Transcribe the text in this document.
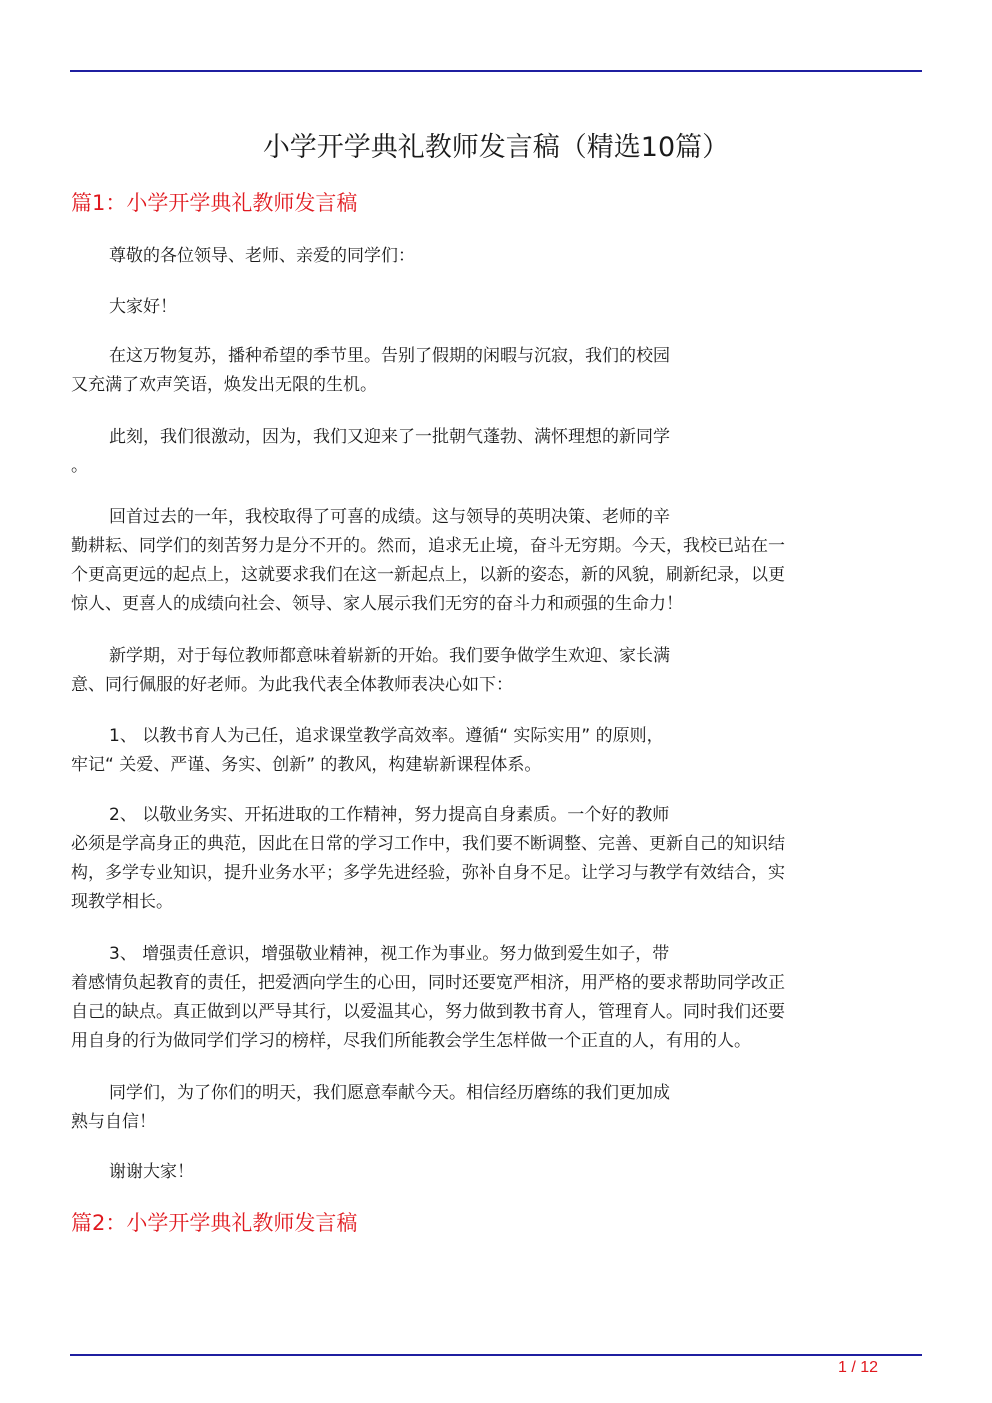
小学开学典礼教师发言稿（精选10篇）
篇1：小学开学典礼教师发言稿
尊敬的各位领导、老师、亲爱的同学们：
大家好！
在这万物复苏，播种希望的季节里。告别了假期的闲暇与沉寂，我们的校园
又充满了欢声笑语，焕发出无限的生机。
此刻，我们很激动，因为，我们又迎来了一批朝气蓬勃、满怀理想的新同学
。
回首过去的一年，我校取得了可喜的成绩。这与领导的英明决策、老师的辛
勤耕耘、同学们的刻苦努力是分不开的。然而，追求无止境，奋斗无穷期。今天，我校已站在一
个更高更远的起点上，这就要求我们在这一新起点上，以新的姿态，新的风貌，刷新纪录，以更
惊人、更喜人的成绩向社会、领导、家人展示我们无穷的奋斗力和顽强的生命力！
新学期，对于每位教师都意味着崭新的开始。我们要争做学生欢迎、家长满
意、同行佩服的好老师。为此我代表全体教师表决心如下：
1、 以教书育人为己任，追求课堂教学高效率。遵循“ 实际实用” 的原则，
牢记“ 关爱、严谨、务实、创新” 的教风，构建崭新课程体系。
2、 以敬业务实、开拓进取的工作精神，努力提高自身素质。一个好的教师
必须是学高身正的典范，因此在日常的学习工作中，我们要不断调整、完善、更新自己的知识结
构，多学专业知识，提升业务水平；多学先进经验，弥补自身不足。让学习与教学有效结合，实
现教学相长。
3、 增强责任意识，增强敬业精神，视工作为事业。努力做到爱生如子，带
着感情负起教育的责任，把爱洒向学生的心田，同时还要宽严相济，用严格的要求帮助同学改正
自己的缺点。真正做到以严导其行，以爱温其心，努力做到教书育人，管理育人。同时我们还要
用自身的行为做同学们学习的榜样，尽我们所能教会学生怎样做一个正直的人，有用的人。
同学们，为了你们的明天，我们愿意奉献今天。相信经历磨练的我们更加成
熟与自信！
谢谢大家！
篇2：小学开学典礼教师发言稿
1 / 12
